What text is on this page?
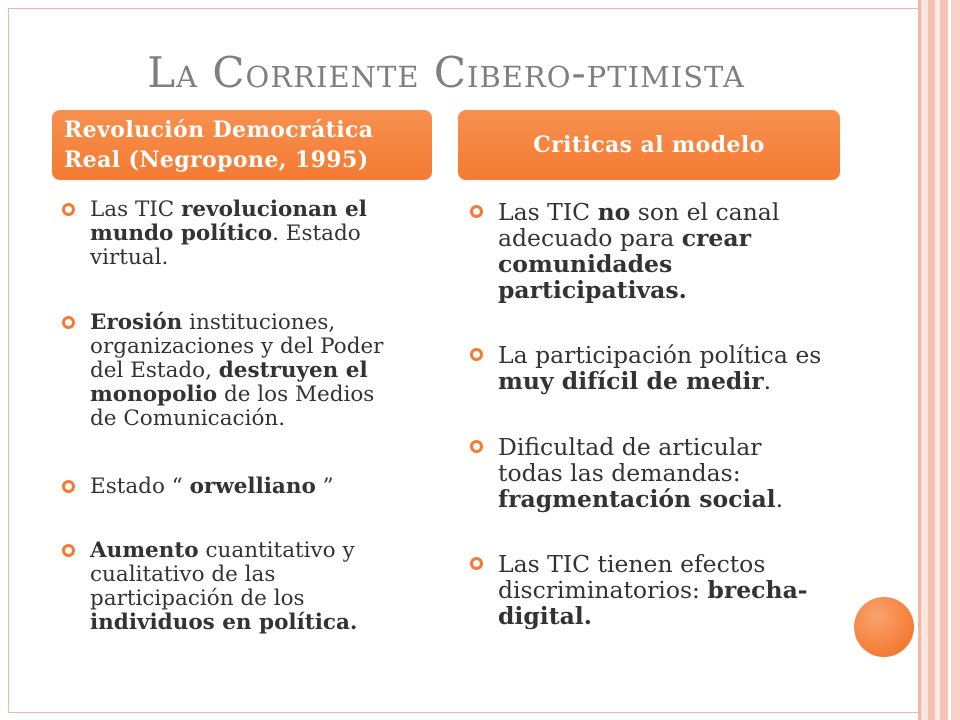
La Corriente Cibero-ptimista
Revolución Democrática Real (Negropone, 1995)
Criticas al modelo
Las TIC revolucionan el
mundo político. Estado
virtual.
Erosión instituciones,
organizaciones y del Poder
del Estado, destruyen el
monopolio de los Medios
de Comunicación.
Estado “ orwelliano ”
Aumento cuantitativo y
cualitativo de las
participación de los
individuos en política.
Las TIC no son el canal
adecuado para crear
comunidades
participativas.
La participación política es
muy difícil de medir.
Dificultad de articular
todas las demandas:
fragmentación social.
Las TIC tienen efectos
discriminatorios: brecha-
digital.
